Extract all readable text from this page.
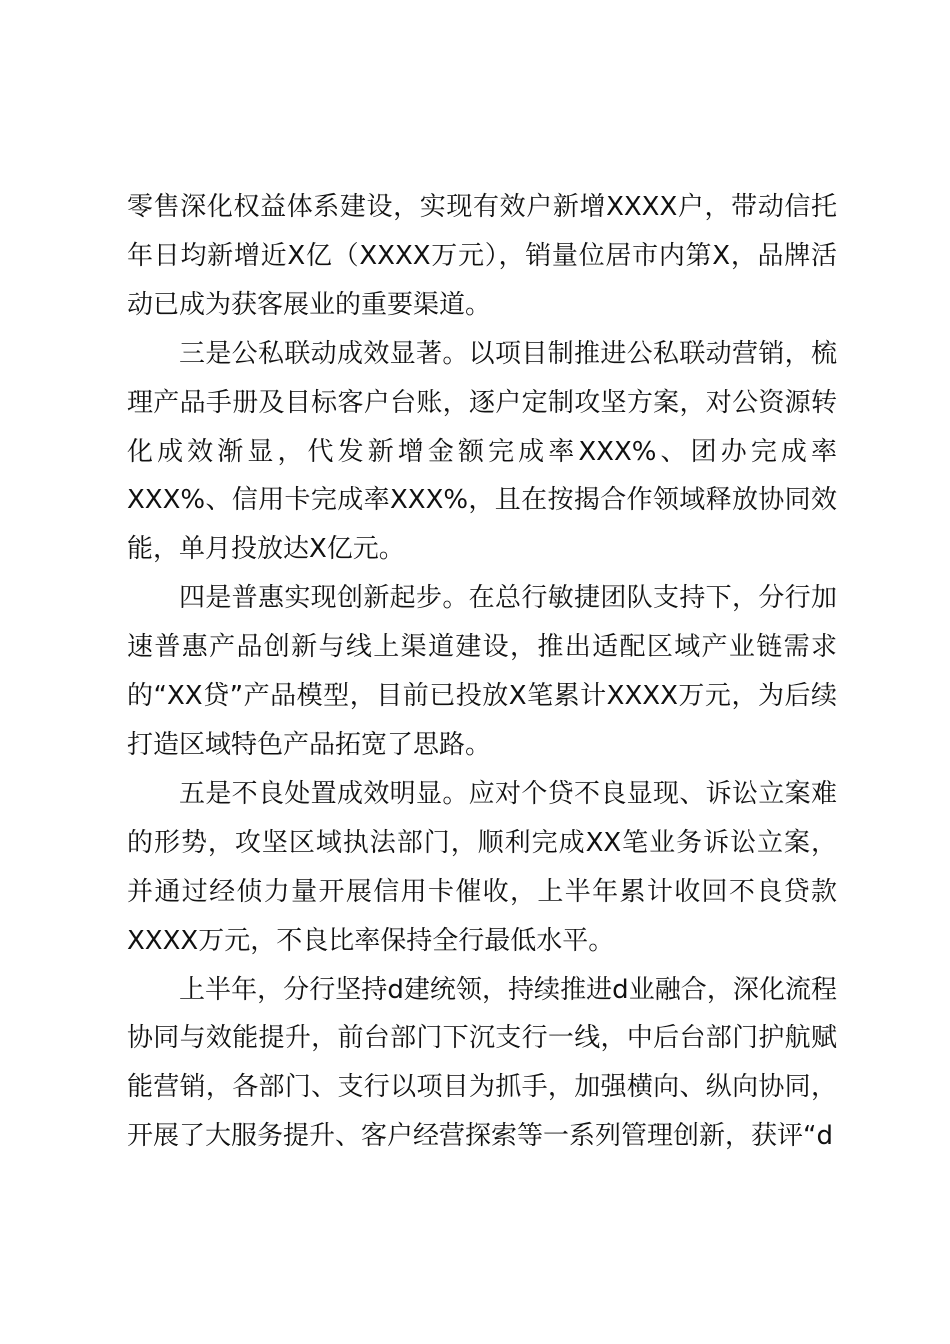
零售深化权益体系建设，实现有效户新增XXXX户，带动信托年日均新增近X亿（XXXX万元），销量位居市内第X，品牌活动已成为获客展业的重要渠道。

三是公私联动成效显著。以项目制推进公私联动营销，梳理产品手册及目标客户台账，逐户定制攻坚方案，对公资源转化成效渐显，代发新增金额完成率XXX%、团办完成率XXX%、信用卡完成率XXX%，且在按揭合作领域释放协同效能，单月投放达X亿元。

四是普惠实现创新起步。在总行敏捷团队支持下，分行加速普惠产品创新与线上渠道建设，推出适配区域产业链需求的“XX贷”产品模型，目前已投放X笔累计XXXX万元，为后续打造区域特色产品拓宽了思路。

五是不良处置成效明显。应对个贷不良显现、诉讼立案难的形势，攻坚区域执法部门，顺利完成XX笔业务诉讼立案，并通过经侦力量开展信用卡催收，上半年累计收回不良贷款XXXX万元，不良比率保持全行最低水平。

上半年，分行坚持d建统领，持续推进d业融合，深化流程协同与效能提升，前台部门下沉支行一线，中后台部门护航赋能营销，各部门、支行以项目为抓手，加强横向、纵向协同，开展了大服务提升、客户经营探索等一系列管理创新，获评“d
